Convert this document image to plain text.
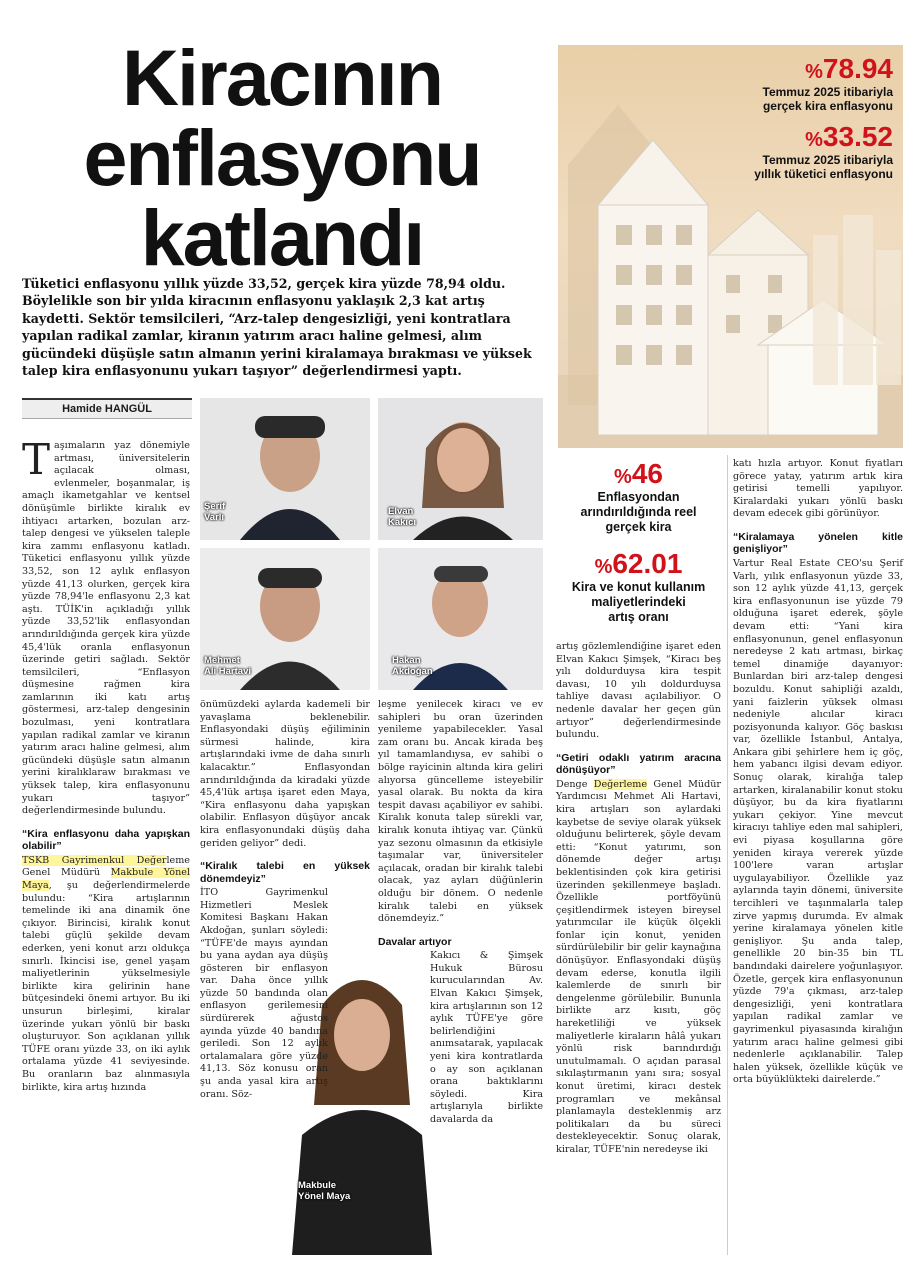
Kiracının
enflasyonu
katlandı
Tüketici enflasyonu yıllık yüzde 33,52, gerçek kira yüzde 78,94 oldu. Böylelikle son bir yılda kiracının enflasyonu yaklaşık 2,3 kat artış kaydetti. Sektör temsilcileri, “Arz-talep dengesizliği, yeni kontratlara yapılan radikal zamlar, kiranın yatırım aracı haline gelmesi, alım gücündeki düşüşle satın almanın yerini kiralamaya bırakması ve yüksek talep kira enflasyonunu yukarı taşıyor” değerlendirmesi yaptı.
Hamide HANGÜL
%78.94
Temmuz 2025 itibariyla
gerçek kira enflasyonu
%33.52
Temmuz 2025 itibariyla
yıllık tüketici enflasyonu
Şerif
Varlı
Elvan
Kakıcı
Mehmet
Ali Hartavi
Hakan
Akdoğan
Makbule
Yönel Maya
%46
Enflasyondan
arındırıldığında reel
gerçek kira
%62.01
Kira ve konut kullanım
maliyetlerindeki
artış oranı

Taşımaların yaz dönemiyle artması, üniversitelerin açılacak olması, evlenmeler, boşanmalar, iş amaçlı ikametgahlar ve kentsel dönüşümle birlikte kiralık ev ihtiyacı artarken, bozulan arz-talep dengesi ve yükselen taleple kira zammı enflasyonu katladı. Tüketici enflasyonu yıllık yüzde 33,52, son 12 aylık enflasyon yüzde 41,13 olurken, gerçek kira yüzde 78,94'le enflasyonu 2,3 kat aştı. TÜİK'in açıkladığı yıllık yüzde 33,52'lik enflasyondan arındırıldığında gerçek kira yüzde 45,4'lük oranla enflasyonun üzerinde getiri sağladı. Sektör temsilcileri, “Enflasyon düşmesine rağmen kira zamlarının iki katı artış göstermesi, arz-talep dengesinin bozulması, yeni kontratlara yapılan radikal zamlar ve kiranın yatırım aracı haline gelmesi, alım gücündeki düşüşle satın almanın yerini kiralıklaraw bırakması ve yüksek talep, kira enflasyonunu yukarı taşıyor” değerlendirmesinde bulundu.

“Kira enflasyonu daha yapışkan olabilir”

TSKB Gayrimenkul Değerleme Genel Müdürü Makbule Yönel Maya, şu değerlendirmelerde bulundu: “Kira artışlarının temelinde iki ana dinamik öne çıkıyor. Birincisi, kiralık konut talebi güçlü şekilde devam ederken, yeni konut arzı oldukça sınırlı. İkincisi ise, genel yaşam maliyetlerinin yükselmesiyle birlikte kira gelirinin hane bütçesindeki önemi artıyor. Bu iki unsurun birleşimi, kiralar üzerinde yukarı yönlü bir baskı oluşturuyor. Son açıklanan yıllık TÜFE oranı yüzde 33, on iki aylık ortalama yüzde 41 seviyesinde. Bu oranların baz alınmasıyla birlikte, kira artış hızında

önümüzdeki aylarda kademeli bir yavaşlama beklenebilir. Enflasyondaki düşüş eğiliminin sürmesi halinde, kira artışlarındaki ivme de daha sınırlı kalacaktır.” Enflasyondan arındırıldığında da kiradaki yüzde 45,4'lük artışa işaret eden Maya, “Kira enflasyonu daha yapışkan olabilir. Enflasyon düşüyor ancak kira enflasyonundaki düşüş daha geriden geliyor” dedi.

“Kiralık talebi en yüksek dönemdeyiz”

İTO Gayrimenkul Hizmetleri Meslek Komitesi Başkanı Hakan Akdoğan, şunları söyledi: “TÜFE'de mayıs ayından bu yana aydan aya düşüş gösteren bir enflasyon var. Daha önce yıllık yüzde 50 bandında olan enflasyon gerilemesini sürdürerek ağustos ayında yüzde 40 bandına geriledi. Son 12 aylık ortalamalara göre yüzde 41,13. Söz konusu oran şu anda yasal kira artış oranı. Söz-

leşme yenilecek kiracı ve ev sahipleri bu oran üzerinden yenileme yapabilecekler. Yasal zam oranı bu. Ancak kirada beş yıl tamamlandıysa, ev sahibi o bölge rayicinin altında kira geliri alıyorsa güncelleme isteyebilir yasal olarak. Bu nokta da kira tespit davası açabiliyor ev sahibi. Kiralık konuta talep sürekli var, kiralık konuta ihtiyaç var. Çünkü yaz sezonu olmasının da etkisiyle taşımalar var, üniversiteler açılacak, oradan bir kiralık talebi olacak, yaz ayları düğünlerin olduğu bir dönem. O nedenle kiralık talebi en yüksek dönemdeyiz.”

Davalar artıyor

Kakıcı & Şimşek Hukuk Bürosu kurucularından Av. Elvan Kakıcı Şimşek, kira artışlarının son 12 aylık TÜFE'ye göre belirlendiğini anımsatarak, yapılacak yeni kira kontratlarda o ay son açıklanan orana baktıklarını söyledi. Kira artışlarıyla birlikte davalarda da

artış gözlemlendiğine işaret eden Elvan Kakıcı Şimşek, “Kiracı beş yılı doldurduysa kira tespit davası, 10 yılı doldurduysa tahliye davası açılabiliyor. O nedenle davalar her geçen gün artıyor” değerlendirmesinde bulundu.

“Getiri odaklı yatırım aracına dönüşüyor”

Denge Değerleme Genel Müdür Yardımcısı Mehmet Ali Hartavi, kira artışları son aylardaki kaybetse de seviye olarak yüksek olduğunu belirterek, şöyle devam etti: “Konut yatırımı, son dönemde değer artışı beklentisinden çok kira getirisi üzerinden şekillenmeye başladı. Özellikle portföyünü çeşitlendirmek isteyen bireysel yatırımcılar ile küçük ölçekli fonlar için konut, yeniden sürdürülebilir bir gelir kaynağına dönüşüyor. Enflasyondaki düşüş devam ederse, konutla ilgili kalemlerde de sınırlı bir dengelenme görülebilir. Bununla birlikte arz kısıtı, göç hareketliliği ve yüksek maliyetlerle kiraların hâlâ yukarı yönlü risk barındırdığı unutulmamalı. O açıdan parasal sıkılaştırmanın yanı sıra; sosyal konut üretimi, kiracı destek programları ve mekânsal planlamayla desteklenmiş arz politikaları da bu süreci destekleyecektir. Sonuç olarak, kiralar, TÜFE'nin neredeyse iki

katı hızla artıyor. Konut fiyatları görece yatay, yatırım artık kira getirisi temelli yapılıyor. Kiralardaki yukarı yönlü baskı devam edecek gibi görünüyor.

“Kiralamaya yönelen kitle genişliyor”

Vartur Real Estate CEO'su Şerif Varlı, yılık enflasyonun yüzde 33, son 12 aylık yüzde 41,13, gerçek kira enflasyonunun ise yüzde 79 olduğuna işaret ederek, şöyle devam etti: “Yani kira enflasyonunun, genel enflasyonun neredeyse 2 katı artması, birkaç temel dinamiğe dayanıyor: Bunlardan biri arz-talep dengesi bozuldu. Konut sahipliği azaldı, yani faizlerin yüksek olması nedeniyle alıcılar kiracı pozisyonunda kalıyor. Göç baskısı var, özellikle İstanbul, Antalya, Ankara gibi şehirlere hem iç göç, hem yabancı ilgisi devam ediyor. Sonuç olarak, kiralığa talep artarken, kiralanabilir konut stoku düşüyor, bu da kira fiyatlarını yukarı çekiyor. Yine mevcut kiracıyı tahliye eden mal sahipleri, evi piyasa koşullarına göre yeniden kiraya vererek yüzde 100'lere varan artışlar uygulayabiliyor. Özellikle yaz aylarında tayin dönemi, üniversite tercihleri ve taşınmalarla talep zirve yapmış durumda. Ev almak yerine kiralamaya yönelen kitle genişliyor. Şu anda talep, genellikle 20 bin-35 bin TL bandındaki dairelere yoğunlaşıyor. Özetle, gerçek kira enflasyonunun yüzde 79'a çıkması, arz-talep dengesizliği, yeni kontratlara yapılan radikal zamlar ve gayrimenkul piyasasında kiralığın yatırım aracı haline gelmesi gibi nedenlerle açıklanabilir. Talep halen yüksek, özellikle küçük ve orta büyüklükteki dairelerde.”
